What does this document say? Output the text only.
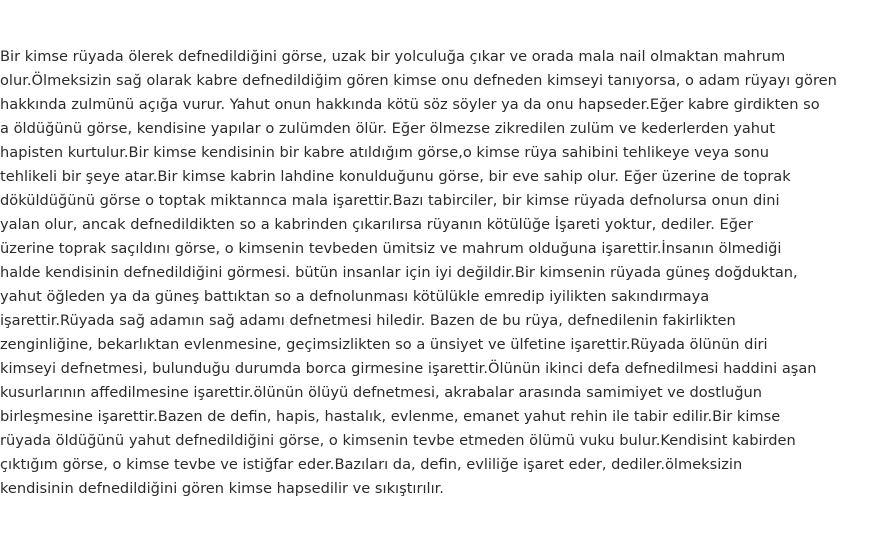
Bir kimse rüyada ölerek defnedildiğini görse, uzak bir yolculuğa çıkar ve orada mala nail olmaktan mahrum
olur.Ölmeksizin sağ olarak kabre defnedildiğim gören kimse onu defneden kimseyi tanıyorsa, o adam rüyayı gören
hakkında zulmünü açığa vurur. Yahut onun hakkında kötü söz söyler ya da onu hapseder.Eğer kabre girdikten so
a öldüğünü görse, kendisine yapılar o zulümden ölür. Eğer ölmezse zikredilen zulüm ve kederlerden yahut
hapisten kurtulur.Bir kimse kendisinin bir kabre atıldığım görse,o kimse rüya sahibini tehlikeye veya sonu
tehlikeli bir şeye atar.Bir kimse kabrin lahdine konulduğunu görse, bir eve sahip olur. Eğer üzerine de toprak
döküldüğünü görse o toptak miktannca mala işarettir.Bazı tabirciler, bir kimse rüyada defnolursa onun dini
yalan olur, ancak defnedildikten so a kabrinden çıkarılırsa rüyanın kötülüğe İşareti yoktur, dediler. Eğer
üzerine toprak saçıldını görse, o kimsenin tevbeden ümitsiz ve mahrum olduğuna işarettir.İnsanın ölmediği
halde kendisinin defnedildiğini görmesi. bütün insanlar için iyi değildir.Bir kimsenin rüyada güneş doğduktan,
yahut öğleden ya da güneş battıktan so a defnolunması kötülükle emredip iyilikten sakındırmaya
işarettir.Rüyada sağ adamın sağ adamı defnetmesi hiledir. Bazen de bu rüya, defnedilenin fakirlikten
zenginliğine, bekarlıktan evlenmesine, geçimsizlikten so a ünsiyet ve ülfetine işarettir.Rüyada ölünün diri
kimseyi defnetmesi, bulunduğu durumda borca girmesine işarettir.Ölünün ikinci defa defnedilmesi haddini aşan
kusurlarının affedilmesine işarettir.ölünün ölüyü defnetmesi, akrabalar arasında samimiyet ve dostluğun
birleşmesine işarettir.Bazen de defin, hapis, hastalık, evlenme, emanet yahut rehin ile tabir edilir.Bir kimse
rüyada öldüğünü yahut defnedildiğini görse, o kimsenin tevbe etmeden ölümü vuku bulur.Kendisint kabirden
çıktığım görse, o kimse tevbe ve istiğfar eder.Bazıları da, defin, evliliğe işaret eder, dediler.ölmeksizin
kendisinin defnedildiğini gören kimse hapsedilir ve sıkıştırılır.
